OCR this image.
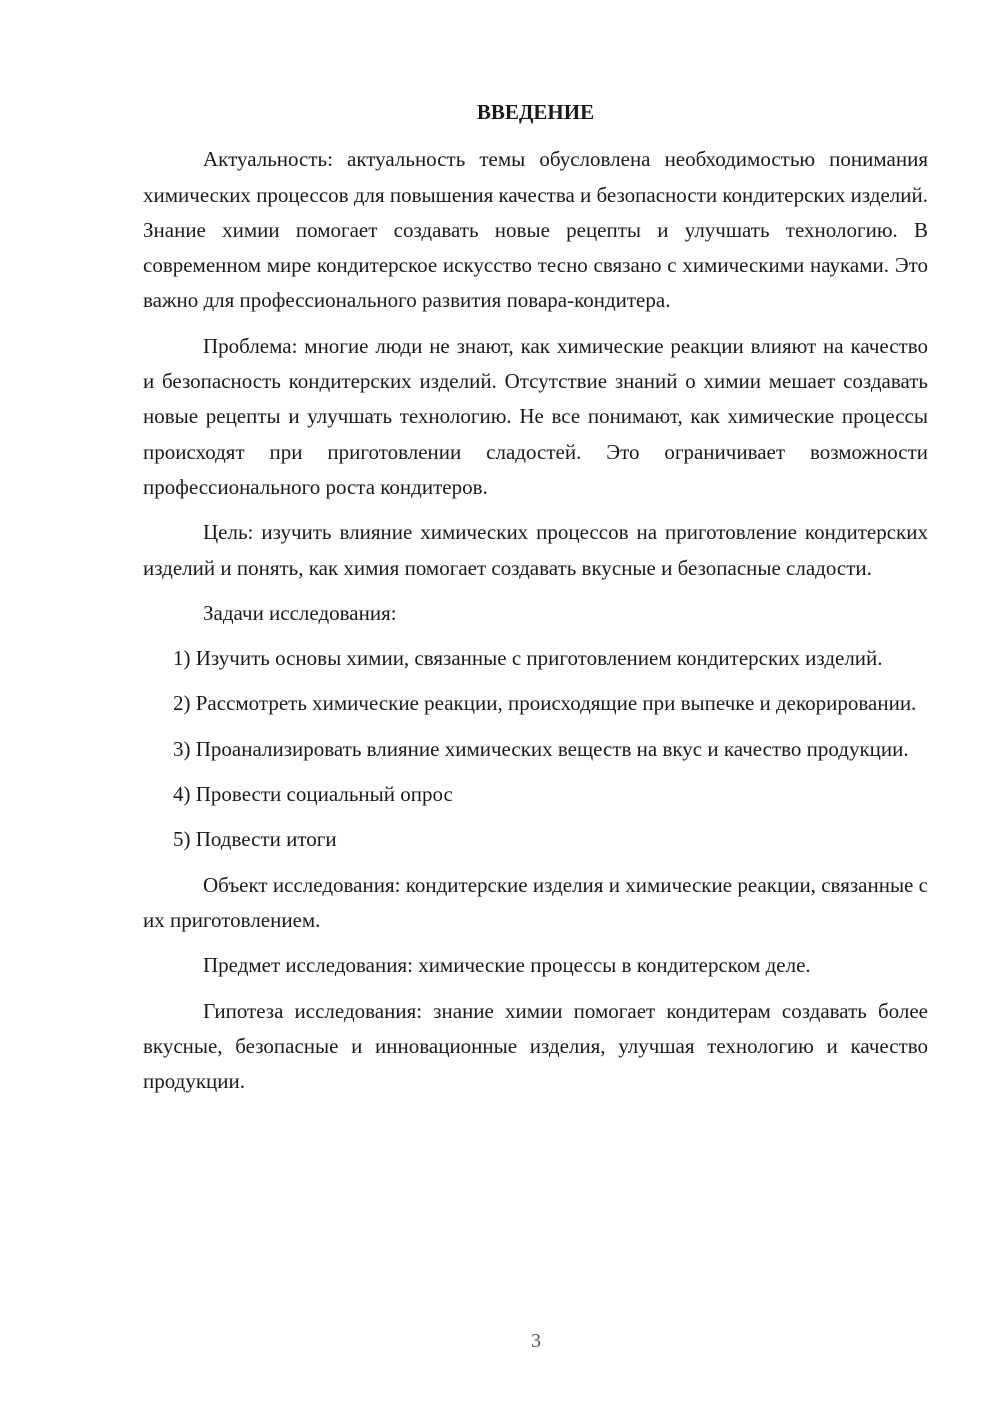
ВВЕДЕНИЕ

Актуальность: актуальность темы обусловлена необходимостью понимания химических процессов для повышения качества и безопасности кондитерских изделий. Знание химии помогает создавать новые рецепты и улучшать технологию. В современном мире кондитерское искусство тесно связано с химическими науками. Это важно для профессионального развития повара-кондитера.

Проблема: многие люди не знают, как химические реакции влияют на качество и безопасность кондитерских изделий. Отсутствие знаний о химии мешает создавать новые рецепты и улучшать технологию. Не все понимают, как химические процессы происходят при приготовлении сладостей. Это ограничивает возможности профессионального роста кондитеров.

Цель: изучить влияние химических процессов на приготовление кондитерских изделий и понять, как химия помогает создавать вкусные и безопасные сладости.

Задачи исследования:

1) Изучить основы химии, связанные с приготовлением кондитерских изделий.

2) Рассмотреть химические реакции, происходящие при выпечке и декорировании.

3) Проанализировать влияние химических веществ на вкус и качество продукции.

4) Провести социальный опрос

5) Подвести итоги

Объект исследования: кондитерские изделия и химические реакции, связанные с их приготовлением.

Предмет исследования: химические процессы в кондитерском деле.

Гипотеза исследования: знание химии помогает кондитерам создавать более вкусные, безопасные и инновационные изделия, улучшая технологию и качество продукции.

3
